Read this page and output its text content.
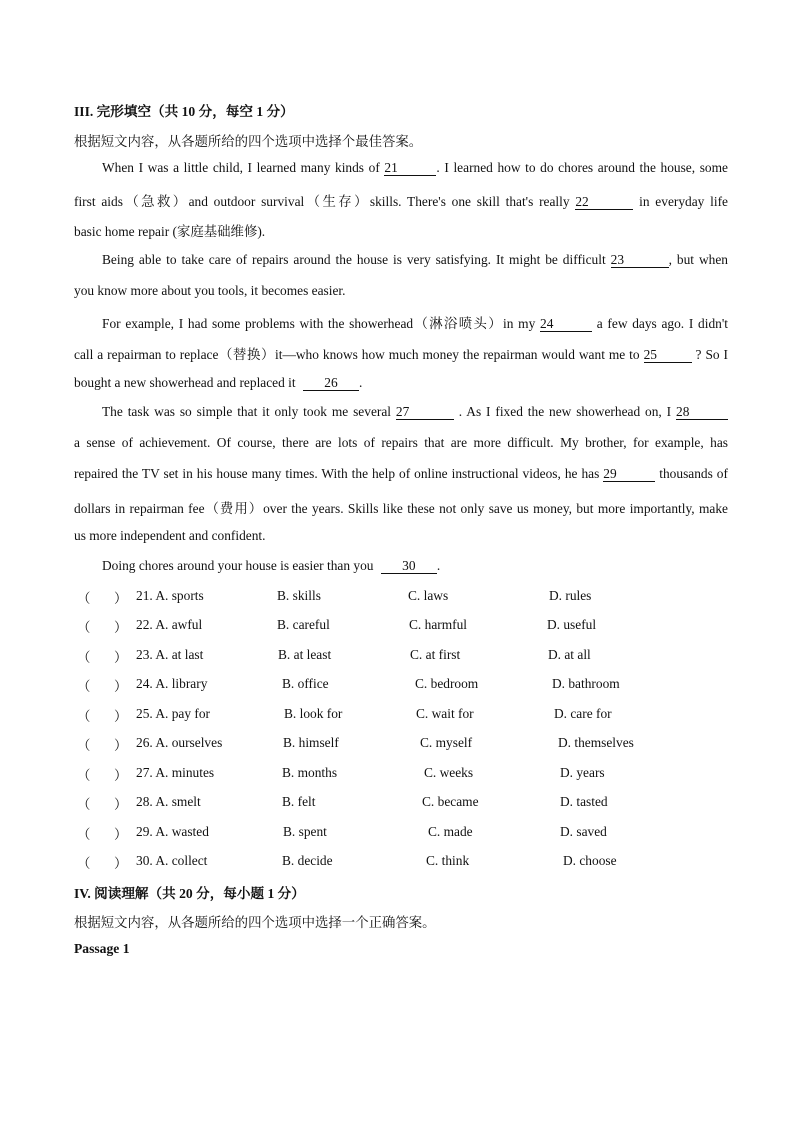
III. 完形填空（共 10 分，每空 1 分）
根据短文内容，从各题所给的四个选项中选择个最佳答案。
When I was a little child, I learned many kinds of 21	. I learned how to do chores around the house, some
first aids（急救）and outdoor survival（生存）skills. There's one skill that's really 22	in everyday life
basic home repair (家庭基础维修).
Being able to take care of repairs around the house is very satisfying. It might be difficult 23	, but when
you know more about you tools, it becomes easier.
For example, I had some problems with the showerhead（淋浴喷头）in my 24	a few days ago. I didn't
call a repairman to replace（替换）it—who knows how much money the repairman would want me to 25	? So I
bought a new showerhead and replaced it 26 .
The task was so simple that it only took me several 27	. As I fixed the new showerhead on, I 28
a sense of achievement. Of course, there are lots of repairs that are more difficult. My brother, for example, has
repaired the TV set in his house many times. With the help of online instructional videos, he has 29	thousands of
dollars in repairman fee（费用）over the years. Skills like these not only save us money, but more importantly, make
us more independent and confident.
Doing chores around your house is easier than you 30 .
（ ） 21. A. sports	B. skills	C. laws	D. rules
（ ） 22. A. awful	B. careful	C. harmful	D. useful
（ ） 23. A. at last	B. at least	C. at first	D. at all
（ ） 24. A. library	B. office	C. bedroom	D. bathroom
（ ） 25. A. pay for	B. look for	C. wait for	D. care for
（ ） 26. A. ourselves	B. himself	C. myself	D. themselves
（ ） 27. A. minutes	B. months	C. weeks	D. years
（ ） 28. A. smelt	B. felt	C. became	D. tasted
（ ） 29. A. wasted	B. spent	C. made	D. saved
（ ） 30. A. collect	B. decide	C. think	D. choose
IV. 阅读理解（共 20 分，每小题 1 分）
根据短文内容，从各题所给的四个选项中选择一个正确答案。
Passage 1
